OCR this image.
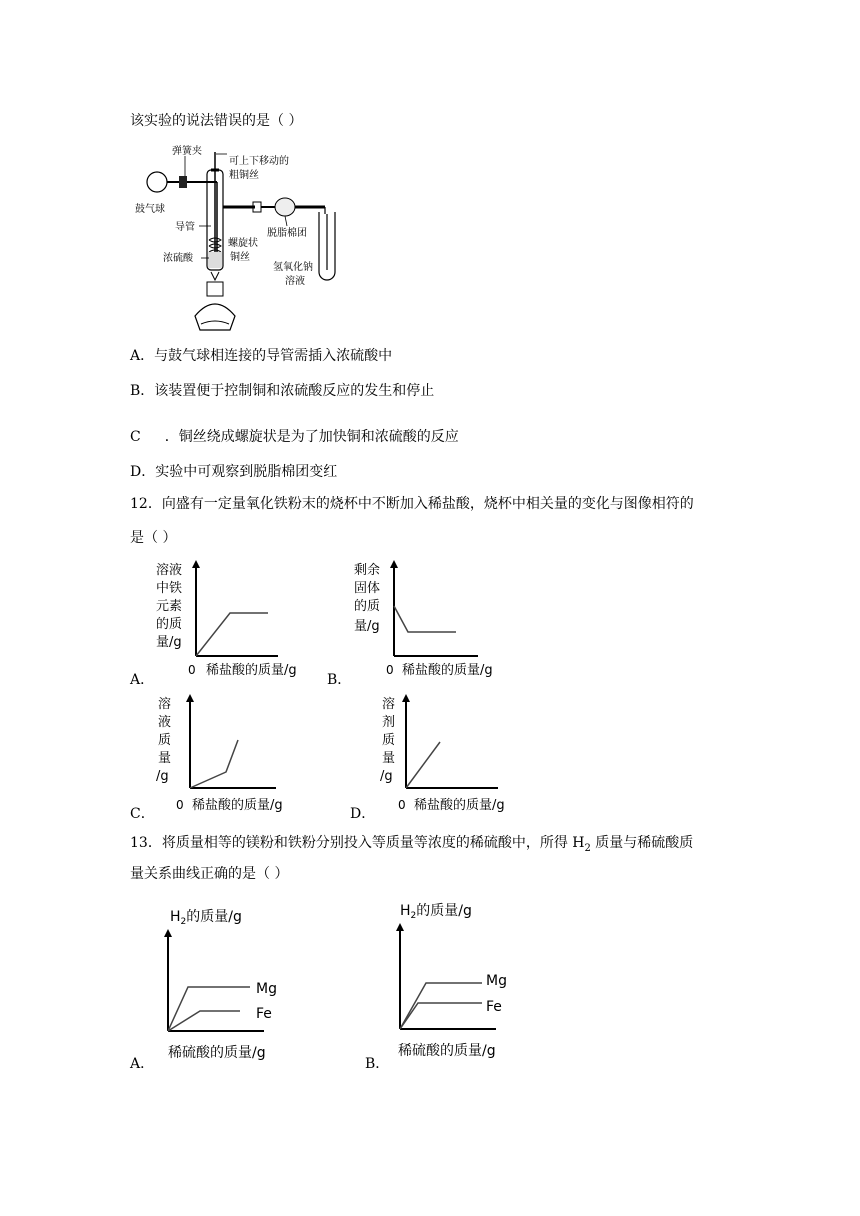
该实验的说法错误的是（ ）
弹簧夹
可上下移动的
粗铜丝
鼓气球
导管
螺旋状
铜丝
浓硫酸
脱脂棉团
氢氧化钠
溶液
A．与鼓气球相连接的导管需插入浓硫酸中
B．该装置便于控制铜和浓硫酸反应的发生和停止
C ．铜丝绕成螺旋状是为了加快铜和浓硫酸的反应
D．实验中可观察到脱脂棉团变红
12．向盛有一定量氧化铁粉末的烧杯中不断加入稀盐酸，烧杯中相关量的变化与图像相符的
是（ ）
A．
溶液
中铁
元素
的质
量/g
0 稀盐酸的质量/g
B．
剩余
固体
的质
量/g
0 稀盐酸的质量/g
C．
溶
液
质
量
/g
0 稀盐酸的质量/g
D．
溶
剂
质
量
/g
0 稀盐酸的质量/g
13．将质量相等的镁粉和铁粉分别投入等质量等浓度的稀硫酸中，所得 $H_2$ 质量与稀硫酸质
量关系曲线正确的是（ ）
A．
$H_2$的质量/g
Mg
Fe
稀硫酸的质量/g
B．
$H_2$的质量/g
Mg
Fe
稀硫酸的质量/g
